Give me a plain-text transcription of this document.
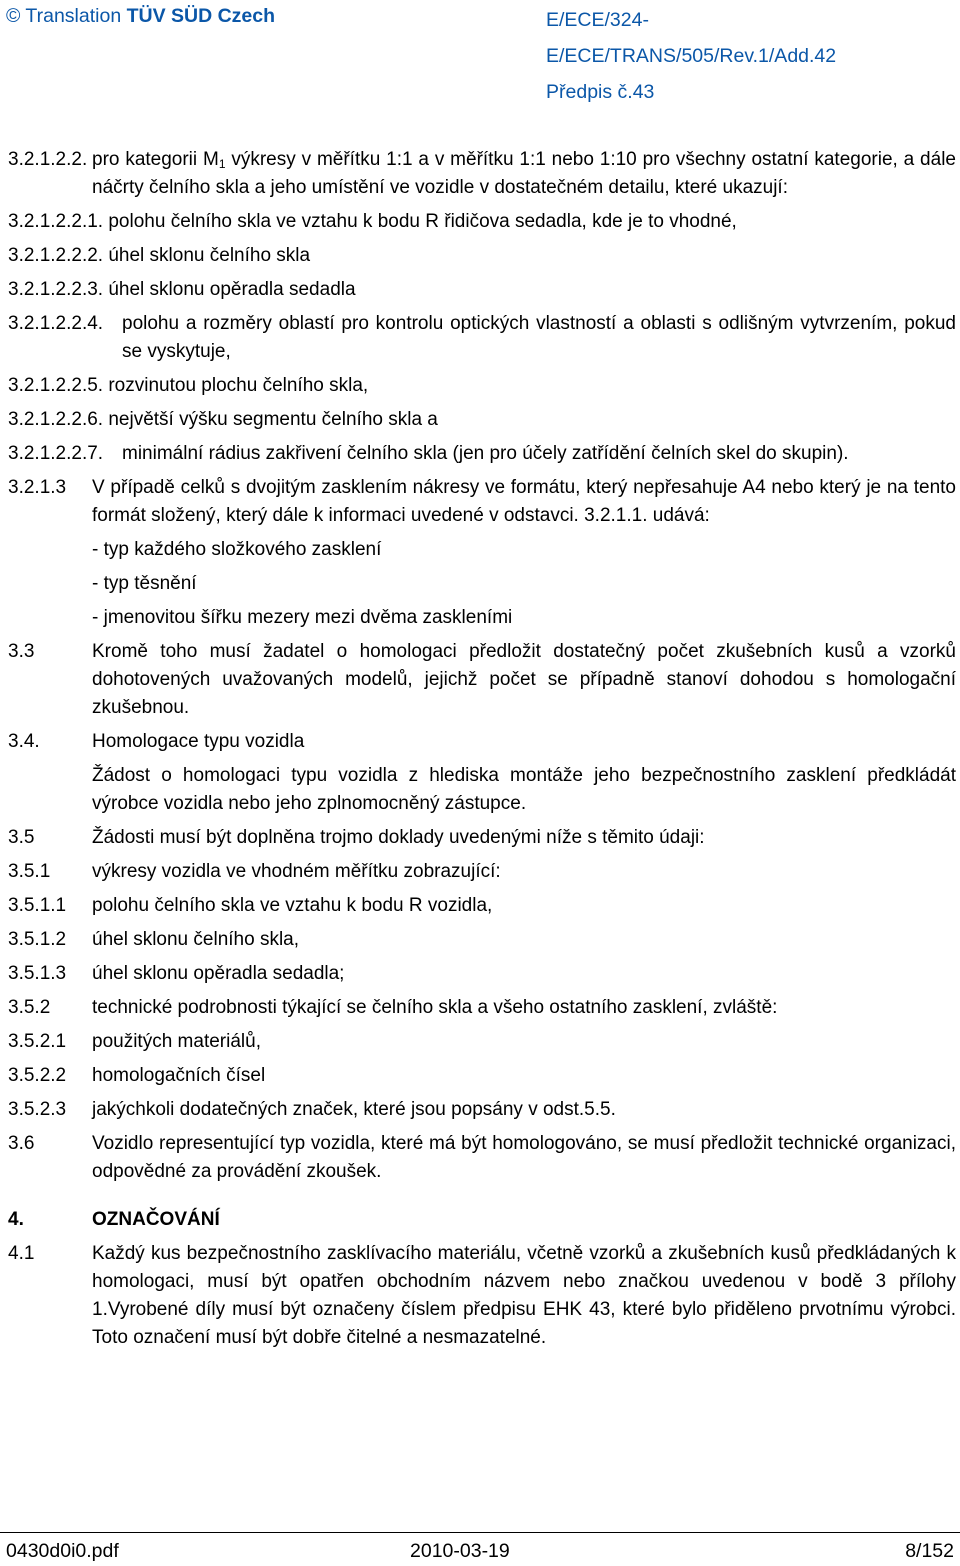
© Translation TÜV SÜD Czech	E/ECE/324-
E/ECE/TRANS/505/Rev.1/Add.42
Předpis č.43
3.2.1.2.2. pro kategorii $M_1$ výkresy v měřítku 1:1 a v měřítku 1:1 nebo 1:10 pro všechny ostatní kategorie, a dále náčrty čelního skla a jeho umístění ve vozidle v dostatečném detailu, které ukazují:
3.2.1.2.2.1. polohu čelního skla ve vztahu k bodu R řidičova sedadla, kde je to vhodné,
3.2.1.2.2.2. úhel sklonu čelního skla
3.2.1.2.2.3. úhel sklonu opěradla sedadla
3.2.1.2.2.4. polohu a rozměry oblastí pro kontrolu optických vlastností a oblasti s odlišným vytvrzením, pokud se vyskytuje,
3.2.1.2.2.5. rozvinutou plochu čelního skla,
3.2.1.2.2.6. největší výšku segmentu čelního skla a
3.2.1.2.2.7. minimální rádius zakřivení čelního skla (jen pro účely zatřídění čelních skel do skupin).
3.2.1.3 V případě celků s dvojitým zasklením nákresy ve formátu, který nepřesahuje A4 nebo který je na tento formát složený, který dále k informaci uvedené v odstavci. 3.2.1.1. udává:
- typ každého složkového zasklení
- typ těsnění
- jmenovitou šířku mezery mezi dvěma zaskleními
3.3	Kromě toho musí žadatel o homologaci předložit dostatečný počet zkušebních kusů a vzorků dohotovených uvažovaných modelů, jejichž počet se případně stanoví dohodou s homologační zkušebnou.
3.4.	Homologace typu vozidla
Žádost o homologaci typu vozidla z hlediska montáže jeho bezpečnostního zasklení předkládát výrobce vozidla nebo jeho zplnomocněný zástupce.
3.5	Žádosti musí být doplněna trojmo doklady uvedenými níže s těmito údaji:
3.5.1 výkresy vozidla ve vhodném měřítku zobrazující:
3.5.1.1 polohu čelního skla ve vztahu k bodu R vozidla,
3.5.1.2 úhel sklonu čelního skla,
3.5.1.3 úhel sklonu opěradla sedadla;
3.5.2 technické podrobnosti týkající se čelního skla a všeho ostatního zasklení, zvláště:
3.5.2.1 použitých materiálů,
3.5.2.2 homologačních čísel
3.5.2.3 jakýchkoli dodatečných značek, které jsou popsány v odst.5.5.
3.6	Vozidlo representující typ vozidla, které má být homologováno, se musí předložit technické organizaci, odpovědné za provádění zkoušek.
4.	OZNAČOVÁNÍ
4.1	Každý kus bezpečnostního zasklívacího materiálu, včetně vzorků a zkušebních kusů předkládaných k homologaci, musí být opatřen obchodním názvem nebo značkou uvedenou v bodě 3 přílohy 1.Vyrobené díly musí být označeny číslem předpisu EHK 43, které bylo přiděleno prvotnímu výrobci. Toto označení musí být dobře čitelné a nesmazatelné.
0430d0i0.pdf	2010-03-19	8/152
